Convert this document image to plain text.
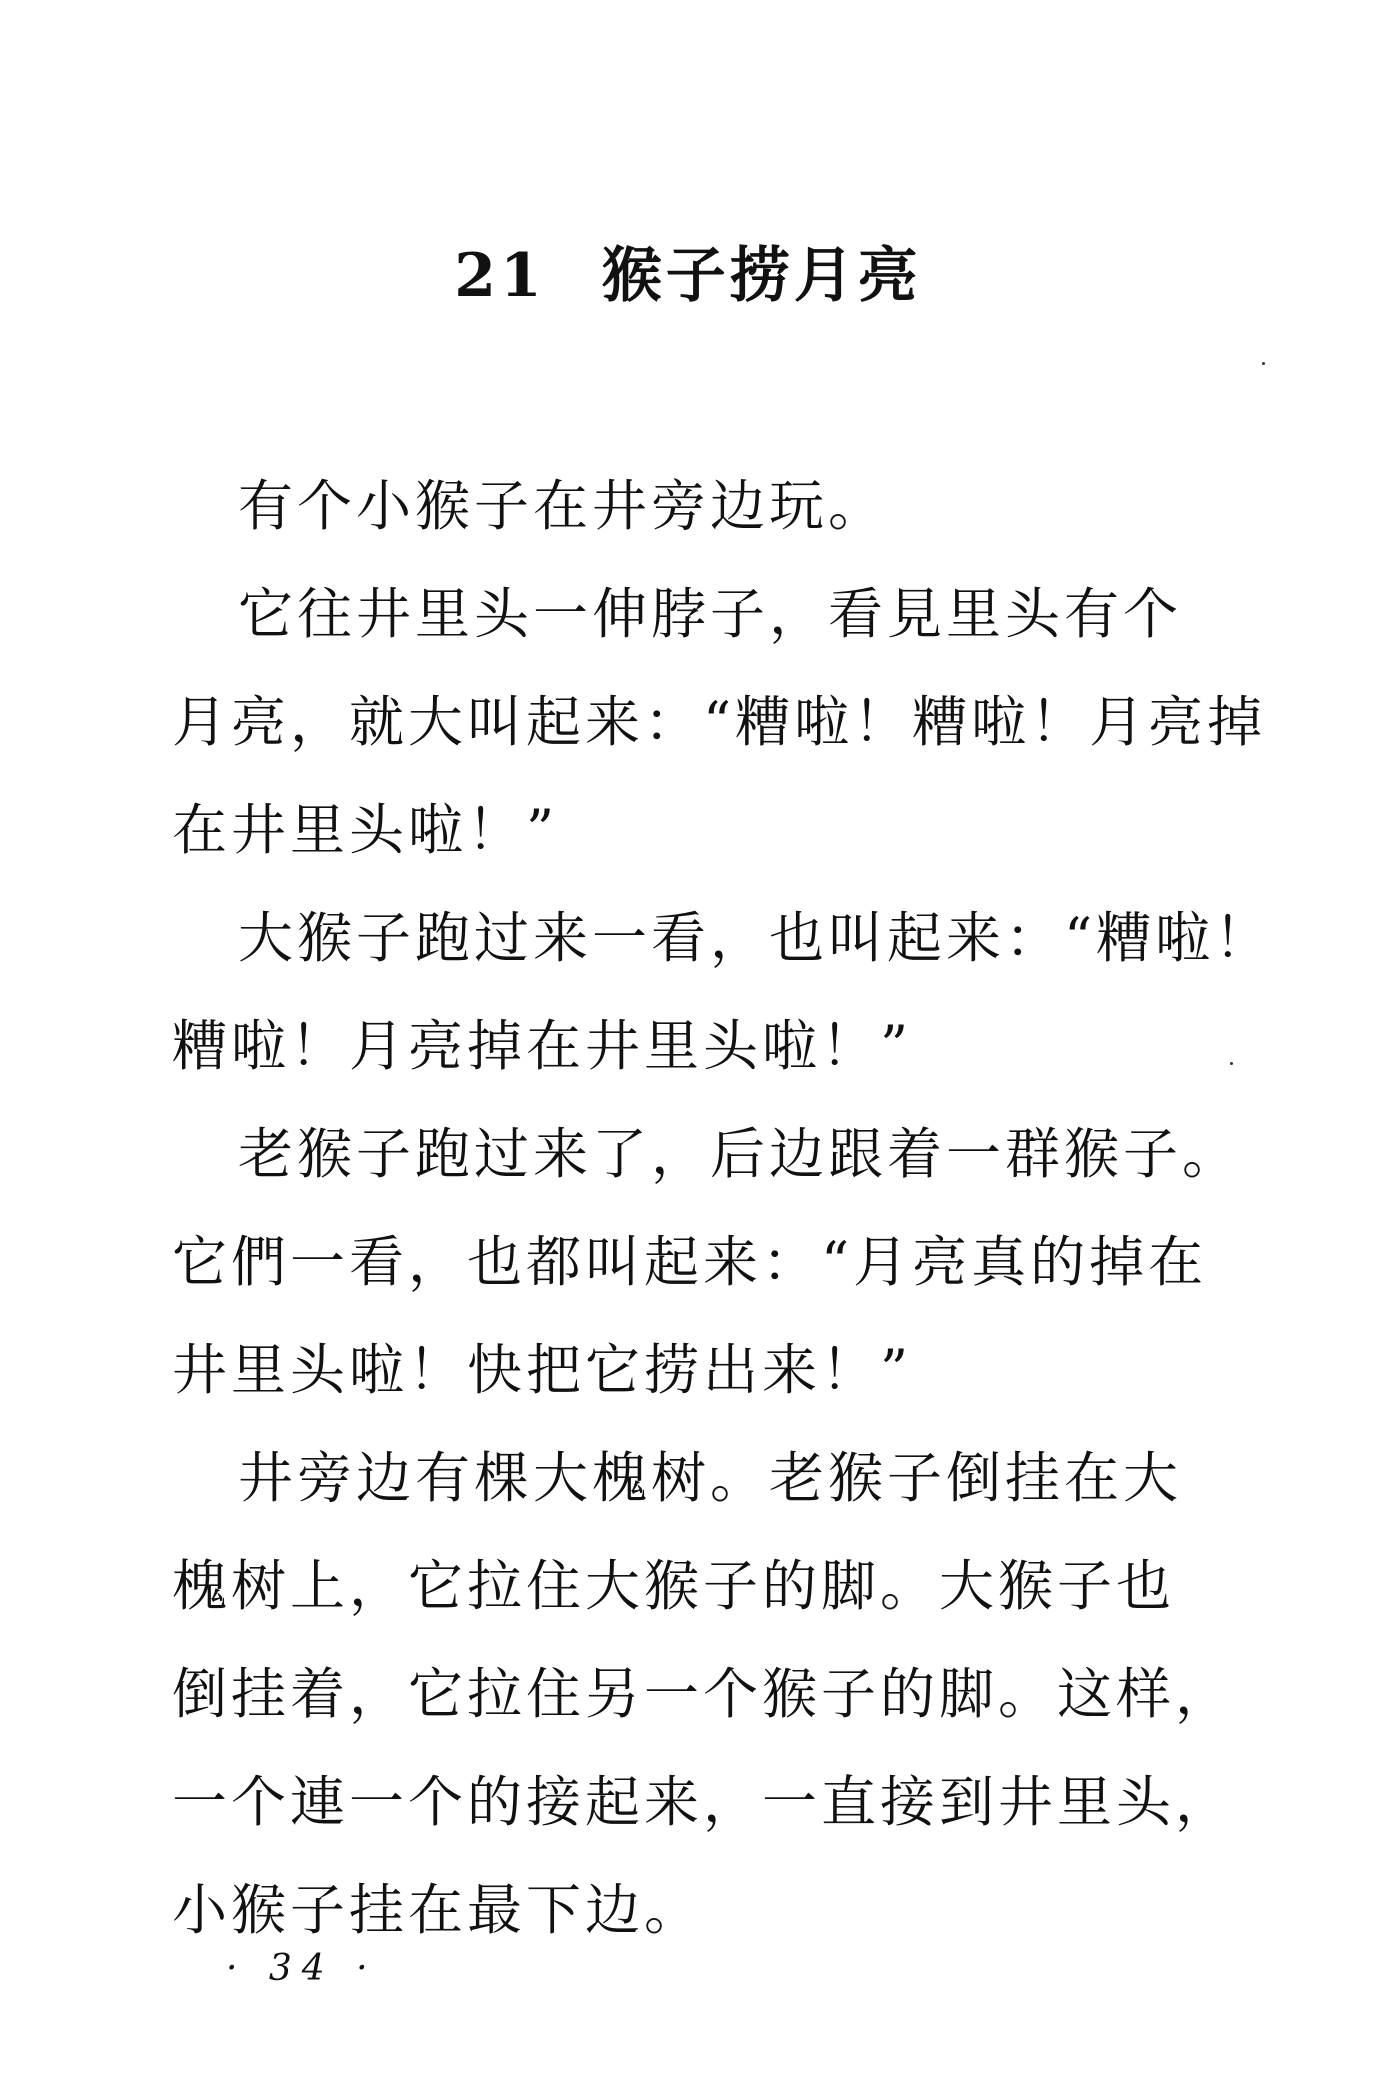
21 猴子捞月亮
有个小猴子在井旁边玩。
它往井里头一伸脖子，看見里头有个
月亮，就大叫起来：“糟啦！糟啦！月亮掉
在井里头啦！”
大猴子跑过来一看，也叫起来：“糟啦！
糟啦！月亮掉在井里头啦！”
老猴子跑过来了，后边跟着一群猴子。
它們一看，也都叫起来：“月亮真的掉在
井里头啦！快把它捞出来！”
井旁边有棵大槐树。老猴子倒挂在大
槐树上，它拉住大猴子的脚。大猴子也
倒挂着，它拉住另一个猴子的脚。这样，
一个連一个的接起来，一直接到井里头，
小猴子挂在最下边。
· 34 ·
